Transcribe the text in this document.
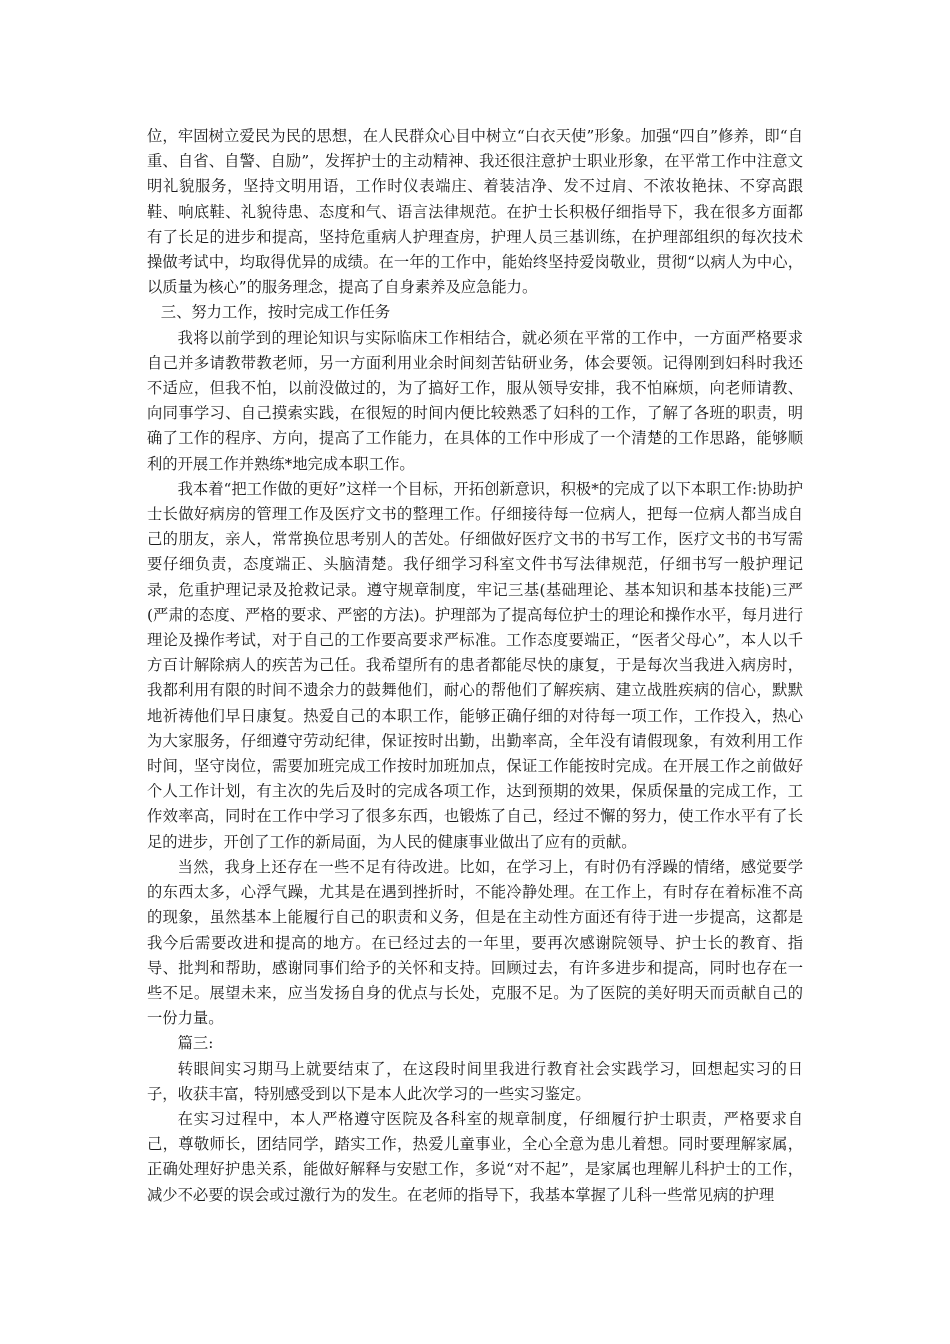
位，牢固树立爱民为民的思想，在人民群众心目中树立“白衣天使”形象。加强“四自”修养，即“自重、自省、自警、自励”，发挥护士的主动精神、我还很注意护士职业形象，在平常工作中注意文明礼貌服务，坚持文明用语，工作时仪表端庄、着装洁净、发不过肩、不浓妆艳抹、不穿高跟鞋、响底鞋、礼貌待患、态度和气、语言法律规范。在护士长积极仔细指导下，我在很多方面都有了长足的进步和提高，坚持危重病人护理查房，护理人员三基训练，在护理部组织的每次技术操做考试中，均取得优异的成绩。在一年的工作中，能始终坚持爱岗敬业，贯彻“以病人为中心，以质量为核心”的服务理念，提高了自身素养及应急能力。

三、努力工作，按时完成工作任务

我将以前学到的理论知识与实际临床工作相结合，就必须在平常的工作中，一方面严格要求自己并多请教带教老师，另一方面利用业余时间刻苦钻研业务，体会要领。记得刚到妇科时我还不适应，但我不怕，以前没做过的，为了搞好工作，服从领导安排，我不怕麻烦，向老师请教、向同事学习、自己摸索实践，在很短的时间内便比较熟悉了妇科的工作，了解了各班的职责，明确了工作的程序、方向，提高了工作能力，在具体的工作中形成了一个清楚的工作思路，能够顺利的开展工作并熟练*地完成本职工作。

我本着“把工作做的更好”这样一个目标，开拓创新意识，积极*的完成了以下本职工作:协助护士长做好病房的管理工作及医疗文书的整理工作。仔细接待每一位病人，把每一位病人都当成自己的朋友，亲人，常常换位思考别人的苦处。仔细做好医疗文书的书写工作，医疗文书的书写需要仔细负责，态度端正、头脑清楚。我仔细学习科室文件书写法律规范，仔细书写一般护理记录，危重护理记录及抢救记录。遵守规章制度，牢记三基(基础理论、基本知识和基本技能)三严(严肃的态度、严格的要求、严密的方法)。护理部为了提高每位护士的理论和操作水平，每月进行理论及操作考试，对于自己的工作要高要求严标准。工作态度要端正，“医者父母心”，本人以千方百计解除病人的疾苦为己任。我希望所有的患者都能尽快的康复，于是每次当我进入病房时，我都利用有限的时间不遗余力的鼓舞他们，耐心的帮他们了解疾病、建立战胜疾病的信心，默默地祈祷他们早日康复。热爱自己的本职工作，能够正确仔细的对待每一项工作，工作投入，热心为大家服务，仔细遵守劳动纪律，保证按时出勤，出勤率高，全年没有请假现象，有效利用工作时间，坚守岗位，需要加班完成工作按时加班加点，保证工作能按时完成。在开展工作之前做好个人工作计划，有主次的先后及时的完成各项工作，达到预期的效果，保质保量的完成工作，工作效率高，同时在工作中学习了很多东西，也锻炼了自己，经过不懈的努力，使工作水平有了长足的进步，开创了工作的新局面，为人民的健康事业做出了应有的贡献。

当然，我身上还存在一些不足有待改进。比如，在学习上，有时仍有浮躁的情绪，感觉要学的东西太多，心浮气躁，尤其是在遇到挫折时，不能冷静处理。在工作上，有时存在着标准不高的现象，虽然基本上能履行自己的职责和义务，但是在主动性方面还有待于进一步提高，这都是我今后需要改进和提高的地方。在已经过去的一年里，要再次感谢院领导、护士长的教育、指导、批判和帮助，感谢同事们给予的关怀和支持。回顾过去，有许多进步和提高，同时也存在一些不足。展望未来，应当发扬自身的优点与长处，克服不足。为了医院的美好明天而贡献自己的一份力量。

篇三:

转眼间实习期马上就要结束了，在这段时间里我进行教育社会实践学习，回想起实习的日子，收获丰富，特别感受到以下是本人此次学习的一些实习鉴定。

在实习过程中，本人严格遵守医院及各科室的规章制度，仔细履行护士职责，严格要求自己，尊敬师长，团结同学，踏实工作，热爱儿童事业，全心全意为患儿着想。同时要理解家属，正确处理好护患关系，能做好解释与安慰工作，多说“对不起”，是家属也理解儿科护士的工作，减少不必要的误会或过激行为的发生。在老师的指导下，我基本掌握了儿科一些常见病的护理
